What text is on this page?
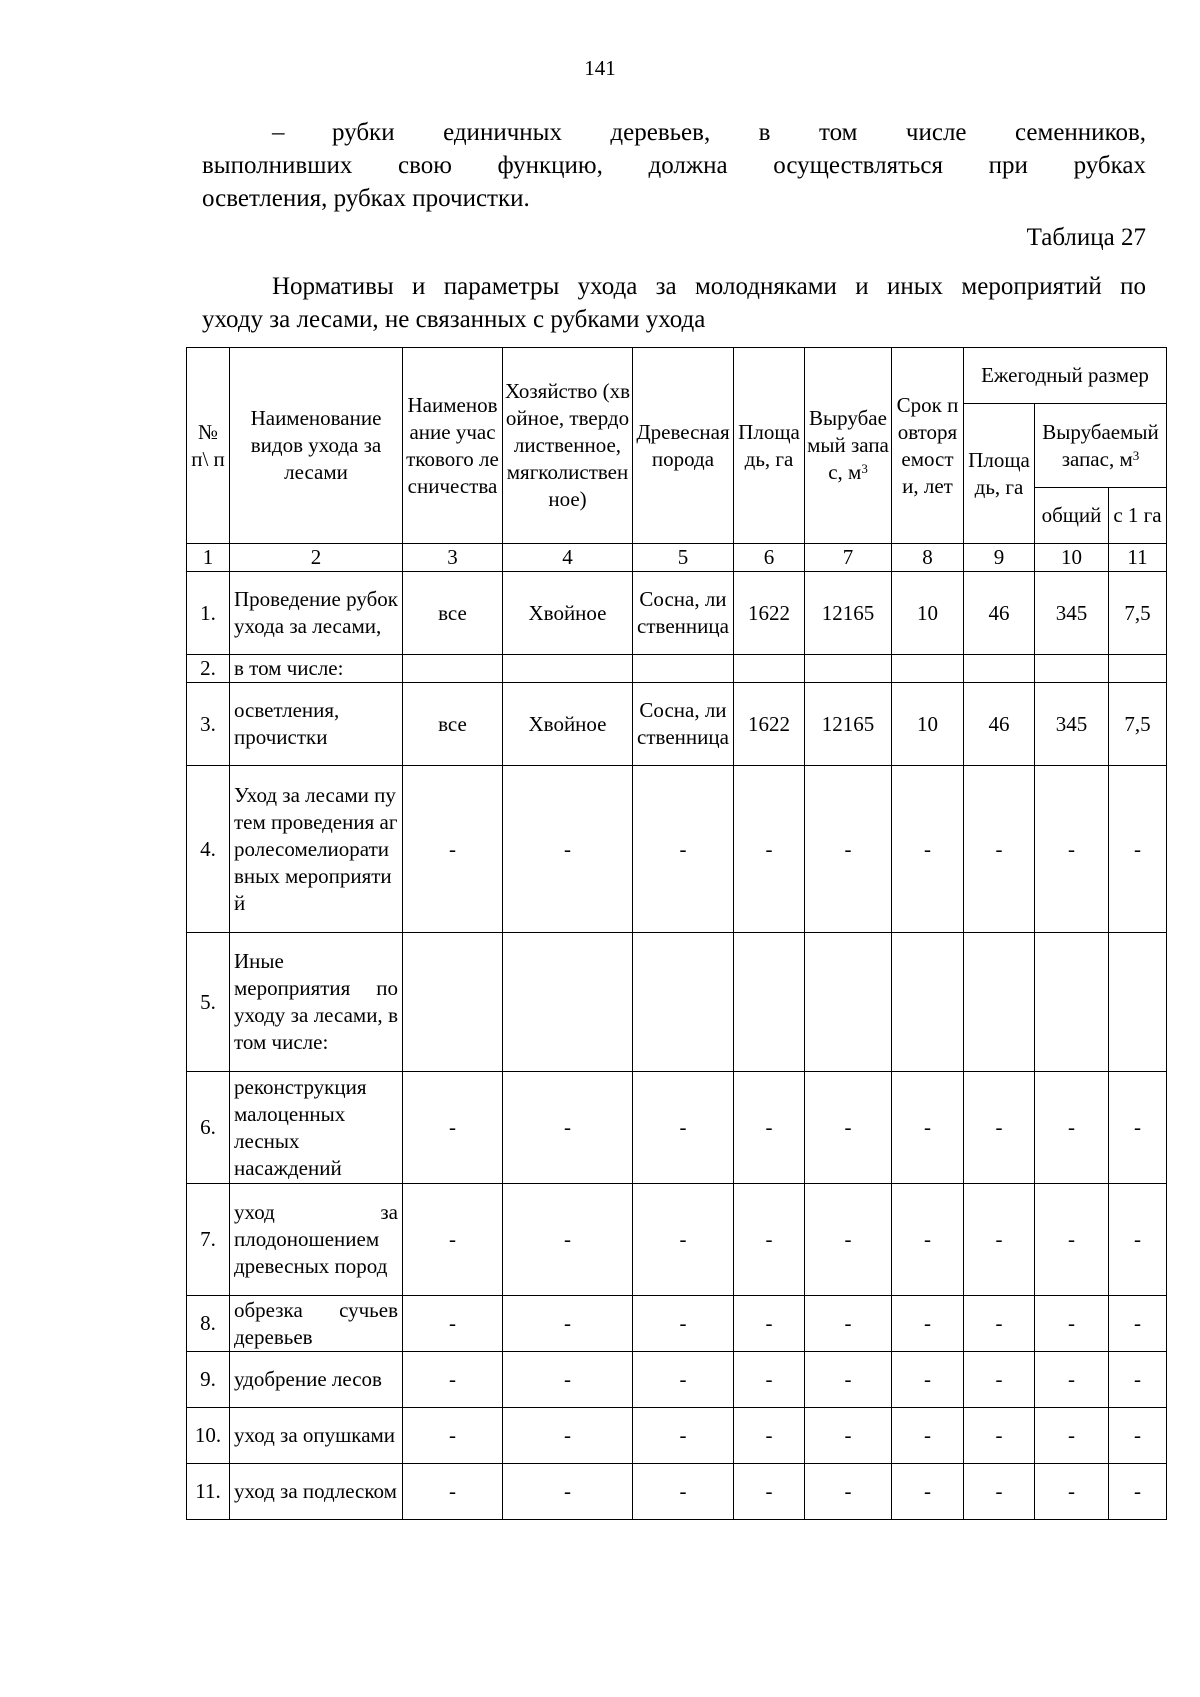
141
– рубки единичных деревьев, в том числе семенников,
выполнивших свою функцию, должна осуществляться при рубках
осветления, рубках прочистки.
Таблица 27
Нормативы и параметры ухода за молодняками и иных мероприятий по
уходу за лесами, не связанных с рубками ухода
№ п\ п	Наименование видов ухода за лесами	Наименование участкового лесничества	Хозяйство (хвойное, твердолиственное, мягколиственное)	Древесная порода	Площадь, га	Вырубаемый запас, $м^3$	Срок повторяемости, лет	Ежегодный размер		
								Площадь, га	Вырубаемый запас, $м^3$
									общий	с 1 га
1	2	3	4	5	6	7	8	9	10	11
1.	Проведение рубок ухода за лесами,	все	Хвойное	Сосна, лиственница	1622	12165	10	46	345	7,5
2.	в том числе:									
3.	осветления, прочистки	все	Хвойное	Сосна, лиственница	1622	12165	10	46	345	7,5
4.	Уход за лесами путем проведения агролесомелиоративных мероприятий	-	-	-	-	-	-	-	-	-
5.	Иные мероприятия по уходу за лесами, в том числе:									
6.	реконструкция малоценных лесных насаждений	-	-	-	-	-	-	-	-	-
7.	уход за плодоношением древесных пород	-	-	-	-	-	-	-	-	-
8.	обрезка сучьев деревьев	-	-	-	-	-	-	-	-	-
9.	удобрение лесов	-	-	-	-	-	-	-	-	-
10.	уход за опушками	-	-	-	-	-	-	-	-	-
11.	уход за подлеском	-	-	-	-	-	-	-	-	-
